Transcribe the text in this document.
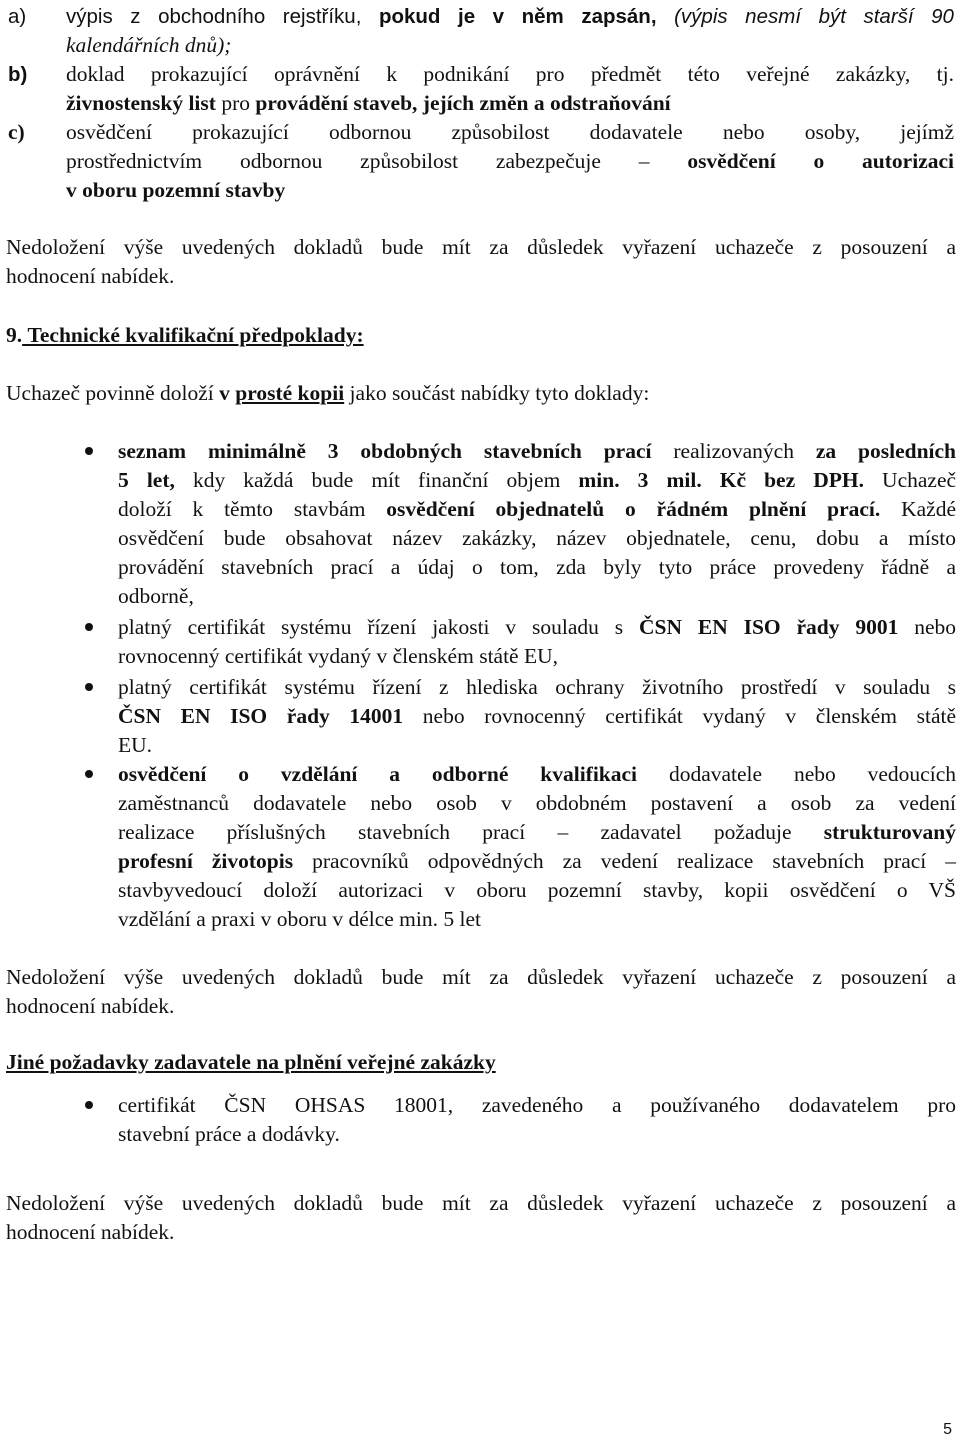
a) výpis z obchodního rejstříku, pokud je v něm zapsán, (výpis nesmí být starší 90
kalendářních dnů);
b) doklad prokazující oprávnění k podnikání pro předmět této veřejné zakázky, tj.
živnostenský list pro provádění staveb, jejích změn a odstraňování
c) osvědčení prokazující odbornou způsobilost dodavatele nebo osoby, jejímž
prostřednictvím odbornou způsobilost zabezpečuje – osvědčení o autorizaci
v oboru pozemní stavby
Nedoložení výše uvedených dokladů bude mít za důsledek vyřazení uchazeče z posouzení a
hodnocení nabídek.
9. Technické kvalifikační předpoklady:
Uchazeč povinně doloží v prosté kopii jako součást nabídky tyto doklady:
seznam minimálně 3 obdobných stavebních prací realizovaných za posledních
5 let, kdy každá bude mít finanční objem min. 3 mil. Kč bez DPH. Uchazeč
doloží k těmto stavbám osvědčení objednatelů o řádném plnění prací. Každé
osvědčení bude obsahovat název zakázky, název objednatele, cenu, dobu a místo
provádění stavebních prací a údaj o tom, zda byly tyto práce provedeny řádně a
odborně,
platný certifikát systému řízení jakosti v souladu s ČSN EN ISO řady 9001 nebo
rovnocenný certifikát vydaný v členském státě EU,
platný certifikát systému řízení z hlediska ochrany životního prostředí v souladu s
ČSN EN ISO řady 14001 nebo rovnocenný certifikát vydaný v členském státě
EU.
osvědčení o vzdělání a odborné kvalifikaci dodavatele nebo vedoucích
zaměstnanců dodavatele nebo osob v obdobném postavení a osob za vedení
realizace příslušných stavebních prací – zadavatel požaduje strukturovaný
profesní životopis pracovníků odpovědných za vedení realizace stavebních prací –
stavbyvedoucí doloží autorizaci v oboru pozemní stavby, kopii osvědčení o VŠ
vzdělání a praxi v oboru v délce min. 5 let
Nedoložení výše uvedených dokladů bude mít za důsledek vyřazení uchazeče z posouzení a
hodnocení nabídek.
Jiné požadavky zadavatele na plnění veřejné zakázky
certifikát ČSN OHSAS 18001, zavedeného a používaného dodavatelem pro
stavební práce a dodávky.
Nedoložení výše uvedených dokladů bude mít za důsledek vyřazení uchazeče z posouzení a
hodnocení nabídek.
5
